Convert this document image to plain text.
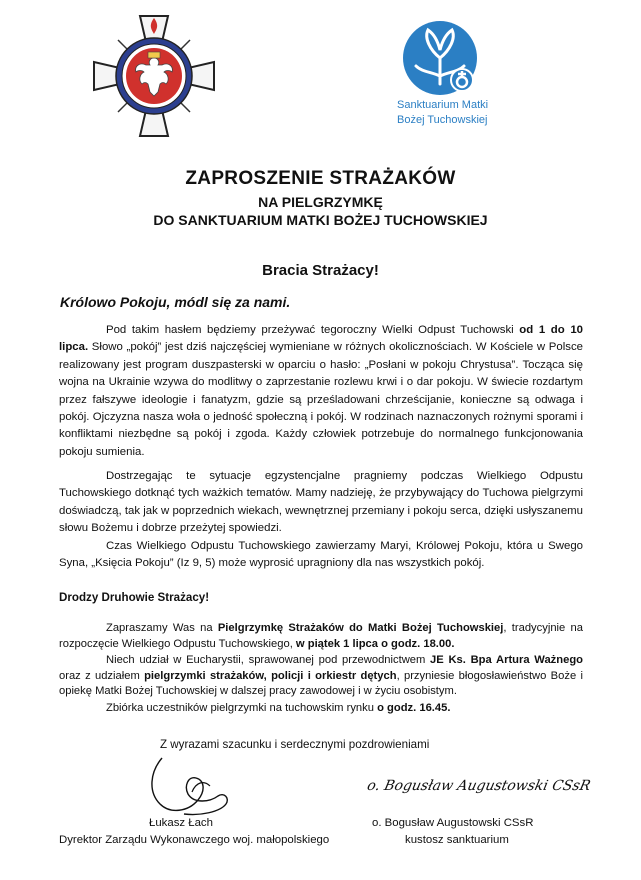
Sanktuarium Matki
Bożej Tuchowskiej
ZAPROSZENIE STRAŻAKÓW
NA PIELGRZYMKĘ
DO SANKTUARIUM MATKI BOŻEJ TUCHOWSKIEJ
Bracia Strażacy!
Królowo Pokoju, módl się za nami.

Pod takim hasłem będziemy przeżywać tegoroczny Wielki Odpust Tuchowski od 1 do 10 lipca. Słowo „pokój” jest dziś najczęściej wymieniane w różnych okolicznościach. W Kościele w Polsce realizowany jest program duszpasterski w oparciu o hasło: „Posłani w pokoju Chrystusa”. Tocząca się wojna na Ukrainie wzywa do modlitwy o zaprzestanie rozlewu krwi i o dar pokoju. W świecie rozdartym przez fałszywe ideologie i fanatyzm, gdzie są prześladowani chrześcijanie, konieczne są odwaga i pokój. Ojczyzna nasza woła o jedność społeczną i pokój. W rodzinach naznaczonych rożnymi sporami i konfliktami niezbędne są pokój i zgoda. Każdy człowiek potrzebuje do normalnego funkcjonowania pokoju sumienia.

Dostrzegając te sytuacje egzystencjalne pragniemy podczas Wielkiego Odpustu Tuchowskiego dotknąć tych ważkich tematów. Mamy nadzieję, że przybywający do Tuchowa pielgrzymi doświadczą, tak jak w poprzednich wiekach, wewnętrznej przemiany i pokoju serca, dzięki usłyszanemu słowu Bożemu i dobrze przeżytej spowiedzi.

Czas Wielkiego Odpustu Tuchowskiego zawierzamy Maryi, Królowej Pokoju, która u Swego Syna, „Księcia Pokoju” (Iz 9, 5) może wyprosić upragniony dla nas wszystkich pokój.

Drodzy Druhowie Strażacy!

Zapraszamy Was na Pielgrzymkę Strażaków do Matki Bożej Tuchowskiej, tradycyjnie na rozpoczęcie Wielkiego Odpustu Tuchowskiego, w piątek 1 lipca o godz. 18.00.

Niech udział w Eucharystii, sprawowanej pod przewodnictwem JE Ks. Bpa Artura Ważnego oraz z udziałem pielgrzymki strażaków, policji i orkiestr dętych, przyniesie błogosławieństwo Boże i opiekę Matki Bożej Tuchowskiej w dalszej pracy zawodowej i w życiu osobistym.

Zbiórka uczestników pielgrzymki na tuchowskim rynku o godz. 16.45.

Z wyrazami szacunku i serdecznymi pozdrowieniami
o. Bogusław Augustowski CSsR
Łukasz Łach
Dyrektor Zarządu Wykonawczego woj. małopolskiego
o. Bogusław Augustowski CSsR
kustosz sanktuarium
